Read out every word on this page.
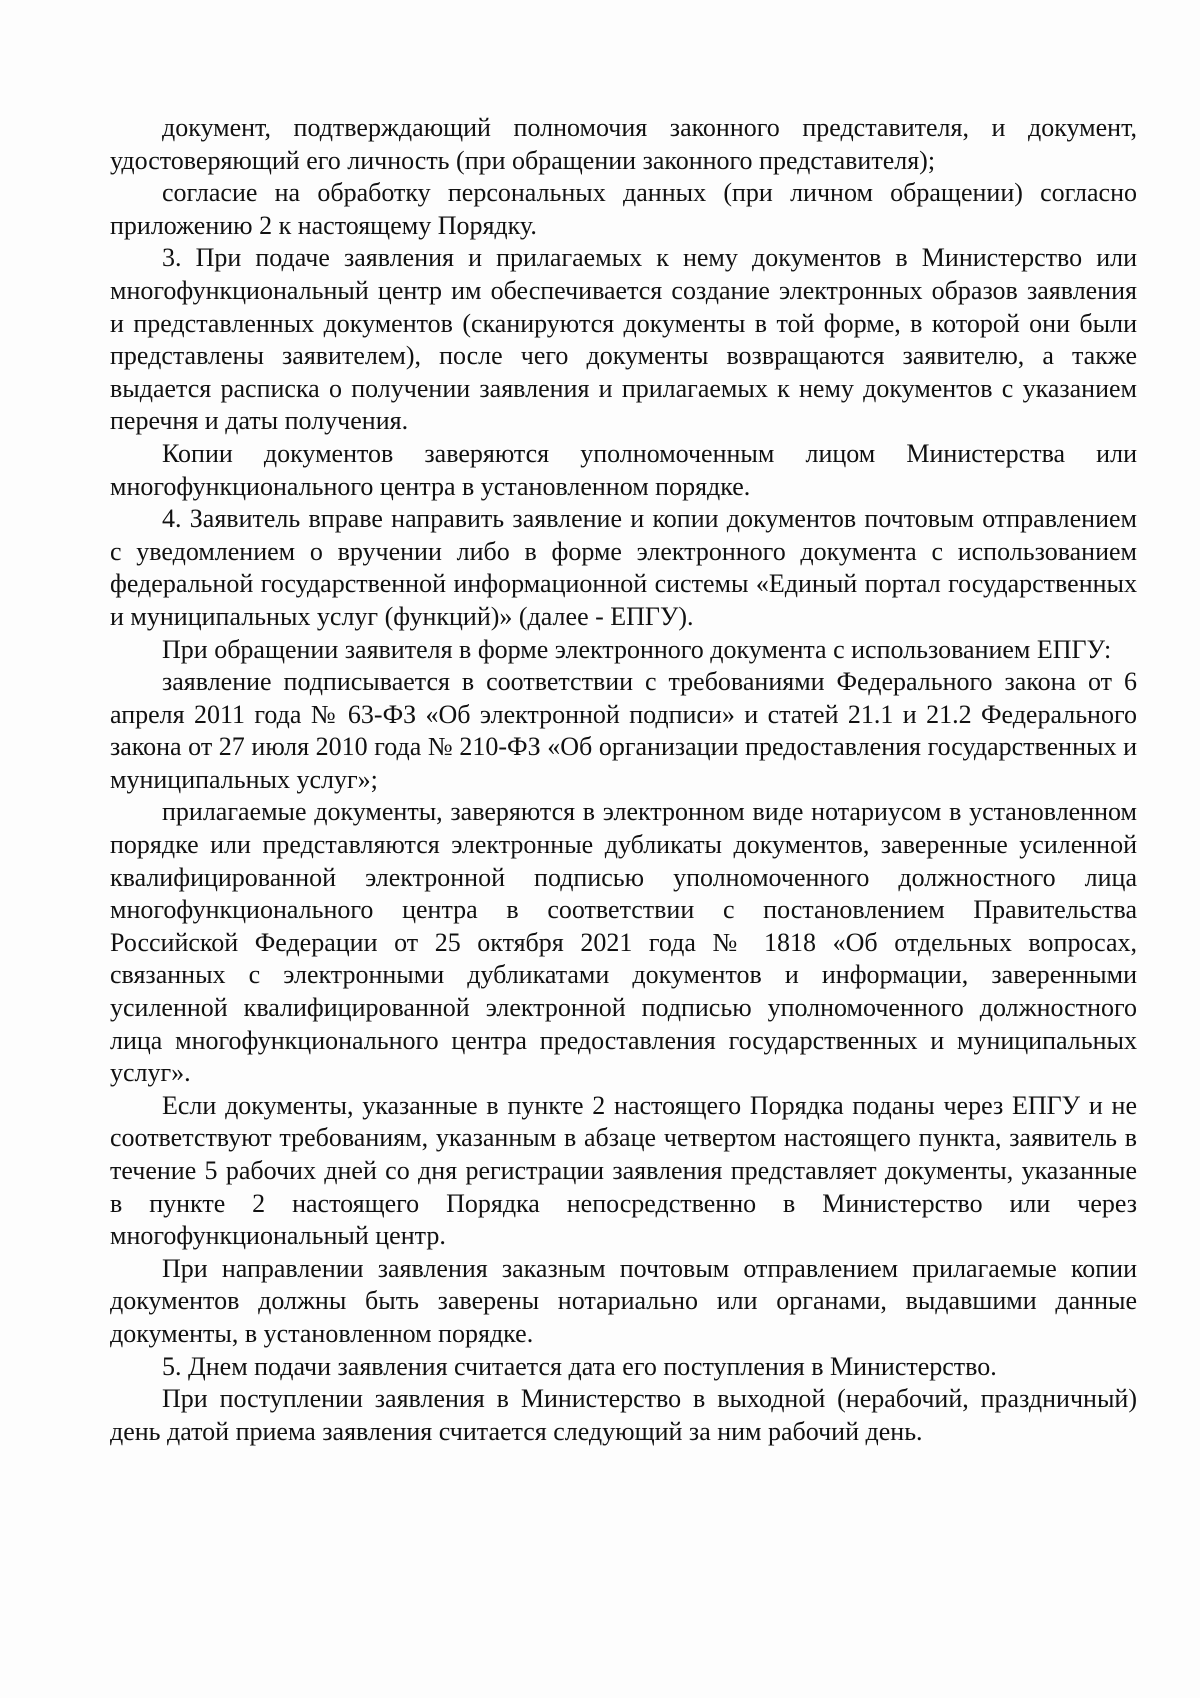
документ, подтверждающий полномочия законного представителя, и документ, удостоверяющий его личность (при обращении законного представителя);

согласие на обработку персональных данных (при личном обращении) согласно приложению 2 к настоящему Порядку.

3. При подаче заявления и прилагаемых к нему документов в Министерство или многофункциональный центр им обеспечивается создание электронных образов заявления и представленных документов (сканируются документы в той форме, в которой они были представлены заявителем), после чего документы возвращаются заявителю, а также выдается расписка о получении заявления и прилагаемых к нему документов с указанием перечня и даты получения.

Копии документов заверяются уполномоченным лицом Министерства или многофункционального центра в установленном порядке.

4. Заявитель вправе направить заявление и копии документов почтовым отправлением с уведомлением о вручении либо в форме электронного документа с использованием федеральной государственной информационной системы «Единый портал государственных и муниципальных услуг (функций)» (далее - ЕПГУ).

При обращении заявителя в форме электронного документа с использованием ЕПГУ:

заявление подписывается в соответствии с требованиями Федерального закона от 6 апреля 2011 года № 63-ФЗ «Об электронной подписи» и статей 21.1 и 21.2 Федерального закона от 27 июля 2010 года № 210-ФЗ «Об организации предоставления государственных и муниципальных услуг»;

прилагаемые документы, заверяются в электронном виде нотариусом в установленном порядке или представляются электронные дубликаты документов, заверенные усиленной квалифицированной электронной подписью уполномоченного должностного лица многофункционального центра в соответствии с постановлением Правительства Российской Федерации от 25 октября 2021 года № 1818 «Об отдельных вопросах, связанных с электронными дубликатами документов и информации, заверенными усиленной квалифицированной электронной подписью уполномоченного должностного лица многофункционального центра предоставления государственных и муниципальных услуг».

Если документы, указанные в пункте 2 настоящего Порядка поданы через ЕПГУ и не соответствуют требованиям, указанным в абзаце четвертом настоящего пункта, заявитель в течение 5 рабочих дней со дня регистрации заявления представляет документы, указанные в пункте 2 настоящего Порядка непосредственно в Министерство или через многофункциональный центр.

При направлении заявления заказным почтовым отправлением прилагаемые копии документов должны быть заверены нотариально или органами, выдавшими данные документы, в установленном порядке.

5. Днем подачи заявления считается дата его поступления в Министерство.

При поступлении заявления в Министерство в выходной (нерабочий, праздничный) день датой приема заявления считается следующий за ним рабочий день.
